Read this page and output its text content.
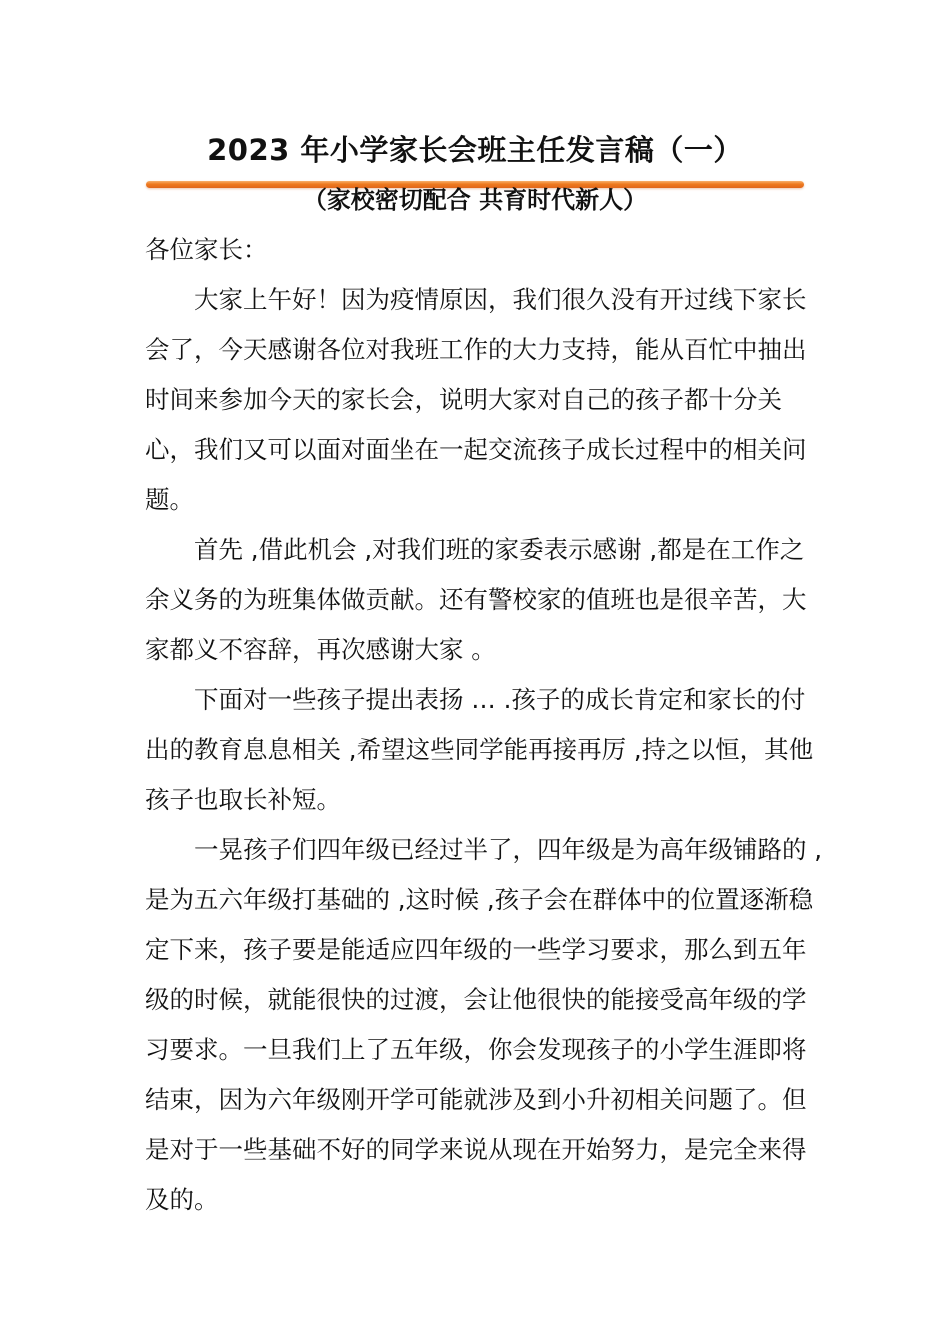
2023 年小学家长会班主任发言稿（一）
（家校密切配合 共育时代新人）

各位家长：

大家上午好！因为疫情原因，我们很久没有开过线下家长会了，今天感谢各位对我班工作的大力支持，能从百忙中抽出时间来参加今天的家长会，说明大家对自己的孩子都十分关心，我们又可以面对面坐在一起交流孩子成长过程中的相关问题。

首先 ,借此机会 ,对我们班的家委表示感谢 ,都是在工作之余义务的为班集体做贡献。还有警校家的值班也是很辛苦，大家都义不容辞，再次感谢大家 。

下面对一些孩子提出表扬 … .孩子的成长肯定和家长的付出的教育息息相关 ,希望这些同学能再接再厉 ,持之以恒，其他孩子也取长补短。

一晃孩子们四年级已经过半了，四年级是为高年级铺路的 ,是为五六年级打基础的 ,这时候 ,孩子会在群体中的位置逐渐稳定下来，孩子要是能适应四年级的一些学习要求，那么到五年级的时候，就能很快的过渡，会让他很快的能接受高年级的学习要求。一旦我们上了五年级，你会发现孩子的小学生涯即将结束，因为六年级刚开学可能就涉及到小升初相关问题了。但是对于一些基础不好的同学来说从现在开始努力，是完全来得及的。
